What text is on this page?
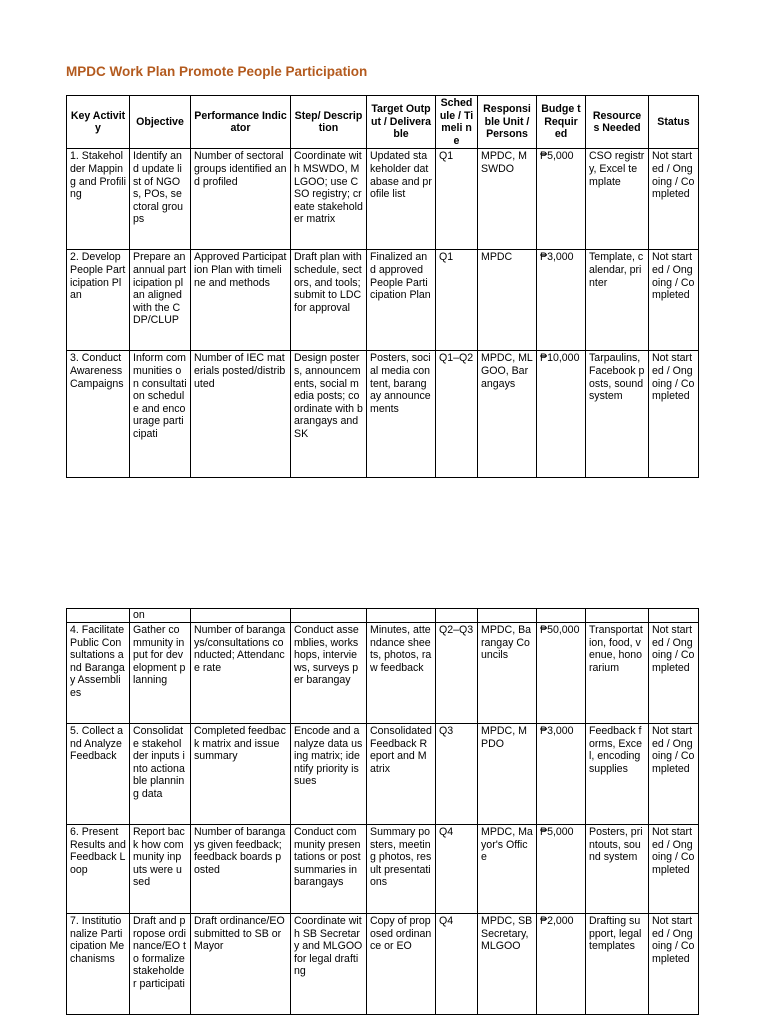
MPDC Work Plan Promote People Participation
Key Activity	Objective	Performance Indicator	Step/ Description	Target Output / Deliverable	Sched ule / Timeli ne	Responsi ble Unit / Persons	Budge t Requir ed	Resource s Needed	Status
1. Stakeholder Mapping and Profiling	Identify and update list of NGOs, POs, sectoral groups	Number of sectoral groups identified and profiled	Coordinate with MSWDO, MLGOO; use CSO registry; create stakeholder matrix	Updated stakeholder database and profile list	Q1	MPDC, MSWDO	₱5,000	CSO registry, Excel template	Not started / Ongoing / Completed
2. Develop People Participation Plan	Prepare an annual participation plan aligned with the CDP/CLUP	Approved Participation Plan with timeline and methods	Draft plan with schedule, sectors, and tools; submit to LDC for approval	Finalized and approved People Participation Plan	Q1	MPDC	₱3,000	Template, calendar, printer	Not started / Ongoing / Completed
3. Conduct Awareness Campaigns	Inform communities on consultation schedule and encourage participati	Number of IEC materials posted/distributed	Design posters, announcements, social media posts; coordinate with barangays and SK	Posters, social media content, barangay announcements	Q1–Q2	MPDC, MLGOO, Barangays	₱10,000	Tarpaulins, Facebook posts, sound system	Not started / Ongoing / Completed
	on								
4. Facilitate Public Consultations and Barangay Assemblies	Gather community input for development planning	Number of barangays/consultations conducted; Attendance rate	Conduct assemblies, workshops, interviews, surveys per barangay	Minutes, attendance sheets, photos, raw feedback	Q2–Q3	MPDC, Barangay Councils	₱50,000	Transportation, food, venue, honorarium	Not started / Ongoing / Completed
5. Collect and Analyze Feedback	Consolidate stakeholder inputs into actionable planning data	Completed feedback matrix and issue summary	Encode and analyze data using matrix; identify priority issues	Consolidated Feedback Report and Matrix	Q3	MPDC, MPDO	₱3,000	Feedback forms, Excel, encoding supplies	Not started / Ongoing / Completed
6. Present Results and Feedback Loop	Report back how community inputs were used	Number of barangays given feedback; feedback boards posted	Conduct community presentations or post summaries in barangays	Summary posters, meeting photos, result presentations	Q4	MPDC, Mayor's Office	₱5,000	Posters, printouts, sound system	Not started / Ongoing / Completed
7. Institutionalize Participation Mechanisms	Draft and propose ordinance/EO to formalize stakeholder participati	Draft ordinance/EO submitted to SB or Mayor	Coordinate with SB Secretary and MLGOO for legal drafting	Copy of proposed ordinance or EO	Q4	MPDC, SB Secretary, MLGOO	₱2,000	Drafting support, legal templates	Not started / Ongoing / Completed
